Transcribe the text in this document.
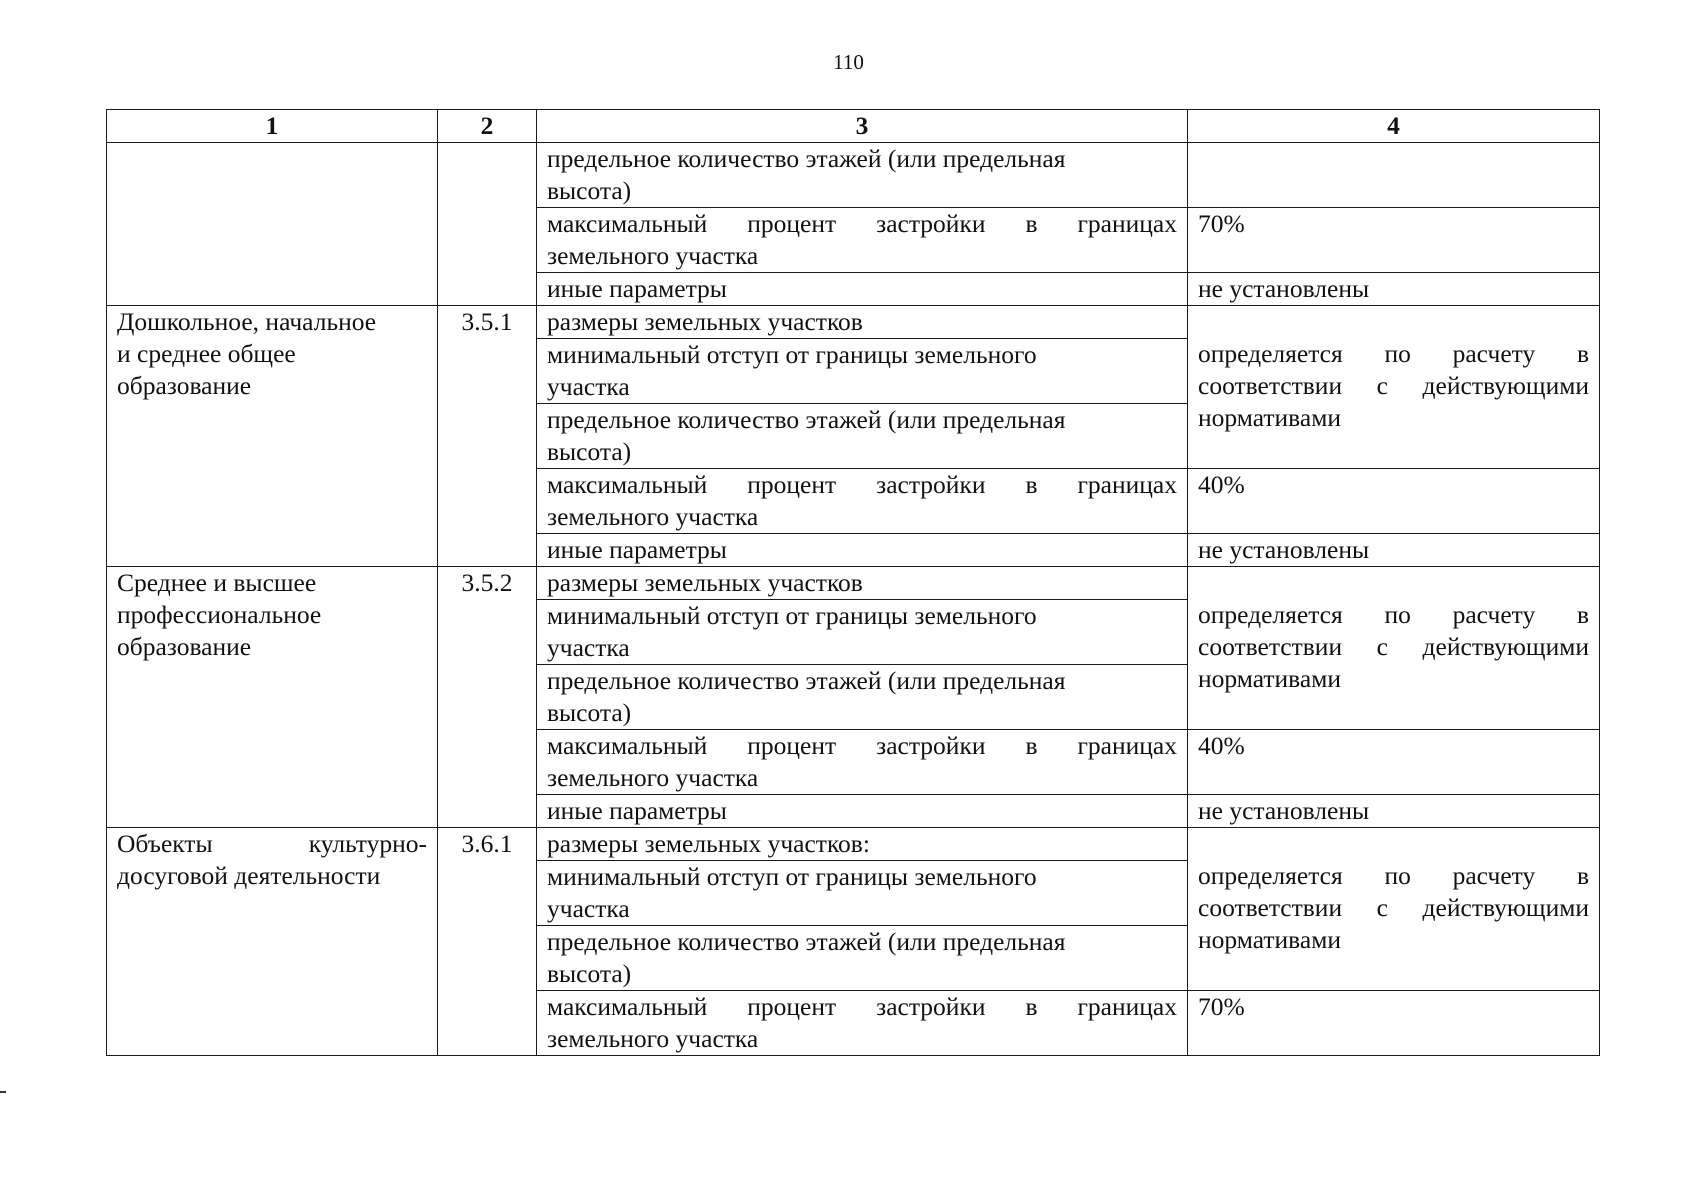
110
1	2	3	4

		предельное количество этажей (или предельная
высота)	

		максимальный процент застройки в границах
земельного участка	70%
		иные параметры	не установлены

Дошкольное, начальное
и среднее общее
образование	3.5.1	размеры земельных участков	определяется по расчету в
соответствии с действующими
нормативами

		минимальный отступ от границы земельного
участка	

		предельное количество этажей (или предельная
высота)	

		максимальный процент застройки в границах
земельного участка	40%
		иные параметры	не установлены

Среднее и высшее
профессиональное
образование	3.5.2	размеры земельных участков	определяется по расчету в
соответствии с действующими
нормативами

		минимальный отступ от границы земельного
участка	

		предельное количество этажей (или предельная
высота)	

		максимальный процент застройки в границах
земельного участка	40%
		иные параметры	не установлены

Объекты культурно-
досуговой деятельности	3.6.1	размеры земельных участков:	определяется по расчету в
соответствии с действующими
нормативами

		минимальный отступ от границы земельного
участка	

		предельное количество этажей (или предельная
высота)	

		максимальный процент застройки в границах
земельного участка	70%
